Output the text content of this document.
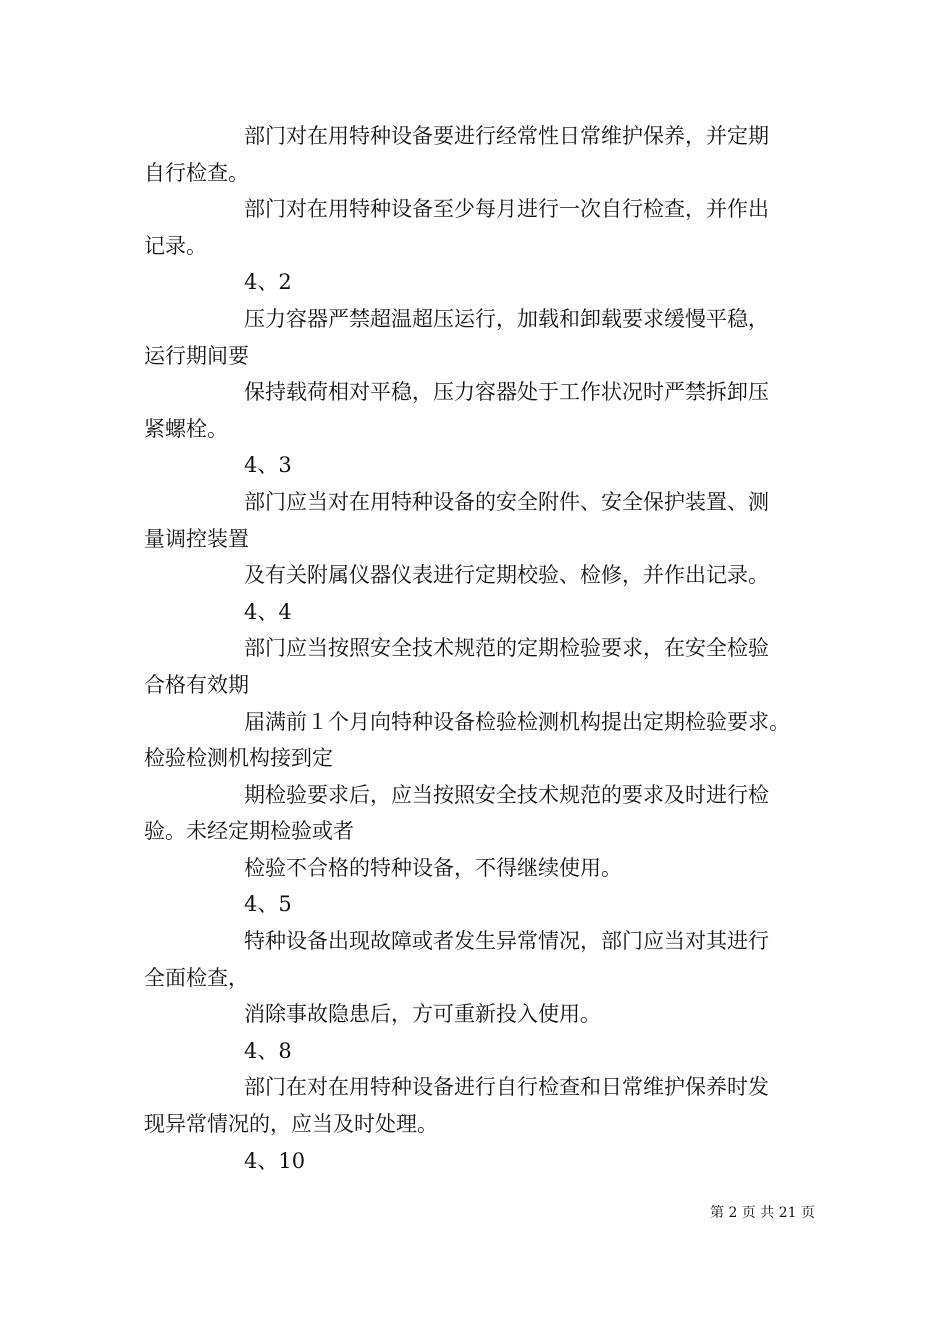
部门对在用特种设备要进行经常性日常维护保养，并定期

自行检查。

部门对在用特种设备至少每月进行一次自行检查，并作出

记录。

4、2

压力容器严禁超温超压运行，加载和卸载要求缓慢平稳，

运行期间要

保持载荷相对平稳，压力容器处于工作状况时严禁拆卸压

紧螺栓。

4、3

部门应当对在用特种设备的安全附件、安全保护装置、测

量调控装置

及有关附属仪器仪表进行定期校验、检修，并作出记录。

4、4

部门应当按照安全技术规范的定期检验要求，在安全检验

合格有效期

届满前１个月向特种设备检验检测机构提出定期检验要求。

检验检测机构接到定

期检验要求后，应当按照安全技术规范的要求及时进行检

验。未经定期检验或者

检验不合格的特种设备，不得继续使用。

4、5

特种设备出现故障或者发生异常情况，部门应当对其进行

全面检查，

消除事故隐患后，方可重新投入使用。

4、8

部门在对在用特种设备进行自行检查和日常维护保养时发

现异常情况的，应当及时处理。

4、10

第 2 页 共 21 页
